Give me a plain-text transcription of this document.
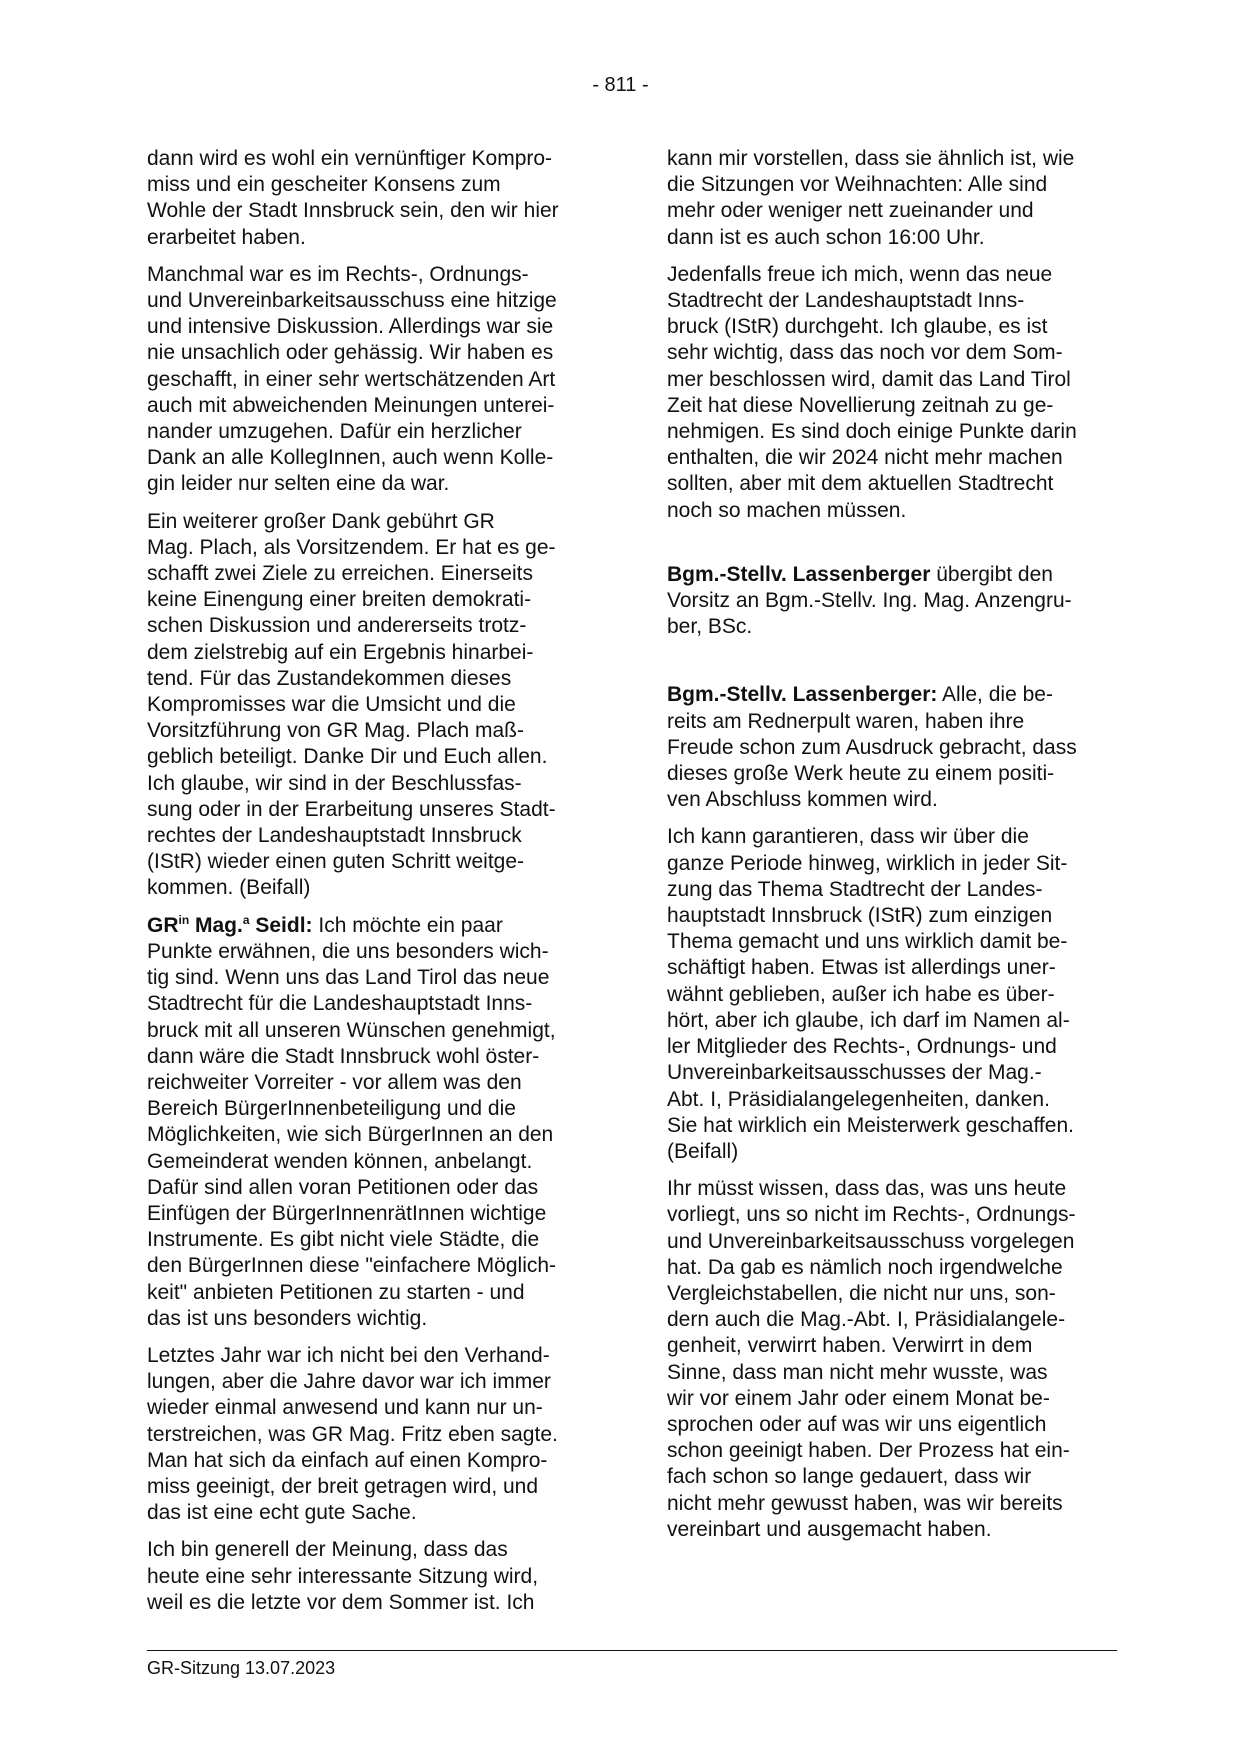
- 811 -

dann wird es wohl ein vernünftiger Kompro-
miss und ein gescheiter Konsens zum
Wohle der Stadt Innsbruck sein, den wir hier
erarbeitet haben.

Manchmal war es im Rechts-, Ordnungs-
und Unvereinbarkeitsausschuss eine hitzige
und intensive Diskussion. Allerdings war sie
nie unsachlich oder gehässig. Wir haben es
geschafft, in einer sehr wertschätzenden Art
auch mit abweichenden Meinungen unterei-
nander umzugehen. Dafür ein herzlicher
Dank an alle KollegInnen, auch wenn Kolle-
gin leider nur selten eine da war.

Ein weiterer großer Dank gebührt GR
Mag. Plach, als Vorsitzendem. Er hat es ge-
schafft zwei Ziele zu erreichen. Einerseits
keine Einengung einer breiten demokrati-
schen Diskussion und andererseits trotz-
dem zielstrebig auf ein Ergebnis hinarbei-
tend. Für das Zustandekommen dieses
Kompromisses war die Umsicht und die
Vorsitzführung von GR Mag. Plach maß-
geblich beteiligt. Danke Dir und Euch allen.
Ich glaube, wir sind in der Beschlussfas-
sung oder in der Erarbeitung unseres Stadt-
rechtes der Landeshauptstadt Innsbruck
(IStR) wieder einen guten Schritt weitge-
kommen. (Beifall)

$GR^{in}$ Mag.$^a$ Seidl: Ich möchte ein paar
Punkte erwähnen, die uns besonders wich-
tig sind. Wenn uns das Land Tirol das neue
Stadtrecht für die Landeshauptstadt Inns-
bruck mit all unseren Wünschen genehmigt,
dann wäre die Stadt Innsbruck wohl öster-
reichweiter Vorreiter - vor allem was den
Bereich BürgerInnenbeteiligung und die
Möglichkeiten, wie sich BürgerInnen an den
Gemeinderat wenden können, anbelangt.
Dafür sind allen voran Petitionen oder das
Einfügen der BürgerInnenrätInnen wichtige
Instrumente. Es gibt nicht viele Städte, die
den BürgerInnen diese "einfachere Möglich-
keit" anbieten Petitionen zu starten - und
das ist uns besonders wichtig.

Letztes Jahr war ich nicht bei den Verhand-
lungen, aber die Jahre davor war ich immer
wieder einmal anwesend und kann nur un-
terstreichen, was GR Mag. Fritz eben sagte.
Man hat sich da einfach auf einen Kompro-
miss geeinigt, der breit getragen wird, und
das ist eine echt gute Sache.

Ich bin generell der Meinung, dass das
heute eine sehr interessante Sitzung wird,
weil es die letzte vor dem Sommer ist. Ich

kann mir vorstellen, dass sie ähnlich ist, wie
die Sitzungen vor Weihnachten: Alle sind
mehr oder weniger nett zueinander und
dann ist es auch schon 16:00 Uhr.

Jedenfalls freue ich mich, wenn das neue
Stadtrecht der Landeshauptstadt Inns-
bruck (IStR) durchgeht. Ich glaube, es ist
sehr wichtig, dass das noch vor dem Som-
mer beschlossen wird, damit das Land Tirol
Zeit hat diese Novellierung zeitnah zu ge-
nehmigen. Es sind doch einige Punkte darin
enthalten, die wir 2024 nicht mehr machen
sollten, aber mit dem aktuellen Stadtrecht
noch so machen müssen.

Bgm.-Stellv. Lassenberger übergibt den
Vorsitz an Bgm.-Stellv. Ing. Mag. Anzengru-
ber, BSc.

Bgm.-Stellv. Lassenberger: Alle, die be-
reits am Rednerpult waren, haben ihre
Freude schon zum Ausdruck gebracht, dass
dieses große Werk heute zu einem positi-
ven Abschluss kommen wird.

Ich kann garantieren, dass wir über die
ganze Periode hinweg, wirklich in jeder Sit-
zung das Thema Stadtrecht der Landes-
hauptstadt Innsbruck (IStR) zum einzigen
Thema gemacht und uns wirklich damit be-
schäftigt haben. Etwas ist allerdings uner-
wähnt geblieben, außer ich habe es über-
hört, aber ich glaube, ich darf im Namen al-
ler Mitglieder des Rechts-, Ordnungs- und
Unvereinbarkeitsausschusses der Mag.-
Abt. I, Präsidialangelegenheiten, danken.
Sie hat wirklich ein Meisterwerk geschaffen.
(Beifall)

Ihr müsst wissen, dass das, was uns heute
vorliegt, uns so nicht im Rechts-, Ordnungs-
und Unvereinbarkeitsausschuss vorgelegen
hat. Da gab es nämlich noch irgendwelche
Vergleichstabellen, die nicht nur uns, son-
dern auch die Mag.-Abt. I, Präsidialangele-
genheit, verwirrt haben. Verwirrt in dem
Sinne, dass man nicht mehr wusste, was
wir vor einem Jahr oder einem Monat be-
sprochen oder auf was wir uns eigentlich
schon geeinigt haben. Der Prozess hat ein-
fach schon so lange gedauert, dass wir
nicht mehr gewusst haben, was wir bereits
vereinbart und ausgemacht haben.

GR-Sitzung 13.07.2023
